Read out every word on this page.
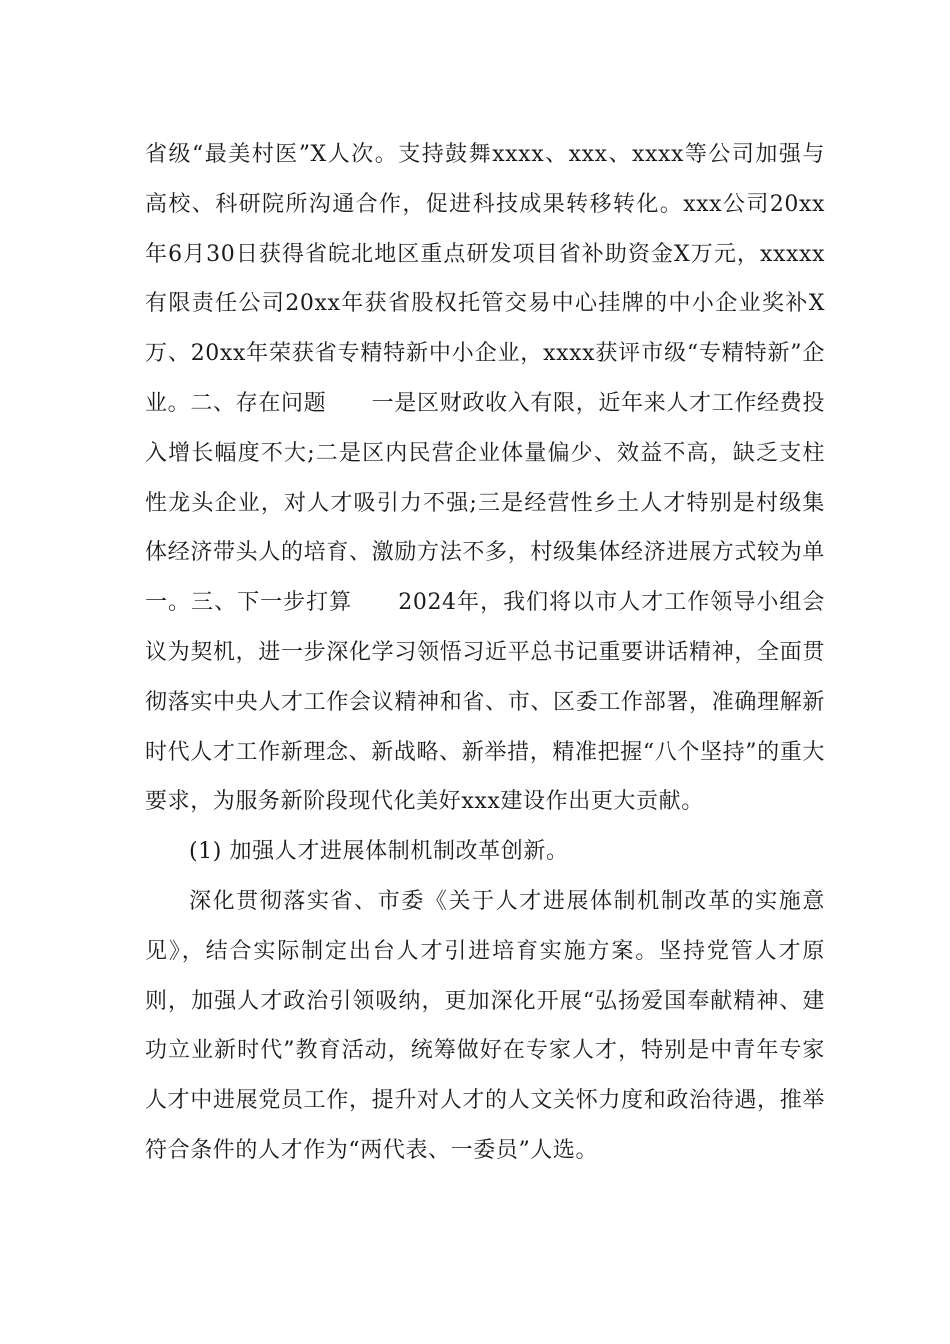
省级“最美村医”X人次。支持鼓舞xxxx、xxx、xxxx等公司加强与高校、科研院所沟通合作，促进科技成果转移转化。xxx公司20xx年6月30日获得省皖北地区重点研发项目省补助资金X万元，xxxxx有限责任公司20xx年获省股权托管交易中心挂牌的中小企业奖补X万、20xx年荣获省专精特新中小企业，xxxx获评市级“专精特新”企业。二、存在问题　　一是区财政收入有限，近年来人才工作经费投入增长幅度不大;二是区内民营企业体量偏少、效益不高，缺乏支柱性龙头企业，对人才吸引力不强;三是经营性乡土人才特别是村级集体经济带头人的培育、激励方法不多，村级集体经济进展方式较为单一。三、下一步打算　　2024年，我们将以市人才工作领导小组会议为契机，进一步深化学习领悟习近平总书记重要讲话精神，全面贯彻落实中央人才工作会议精神和省、市、区委工作部署，准确理解新时代人才工作新理念、新战略、新举措，精准把握“八个坚持”的重大要求，为服务新阶段现代化美好xxx建设作出更大贡献。

(1) 加强人才进展体制机制改革创新。

深化贯彻落实省、市委《关于人才进展体制机制改革的实施意见》，结合实际制定出台人才引进培育实施方案。坚持党管人才原则，加强人才政治引领吸纳，更加深化开展“弘扬爱国奉献精神、建功立业新时代”教育活动，统筹做好在专家人才，特别是中青年专家人才中进展党员工作，提升对人才的人文关怀力度和政治待遇，推举符合条件的人才作为“两代表、一委员”人选。
